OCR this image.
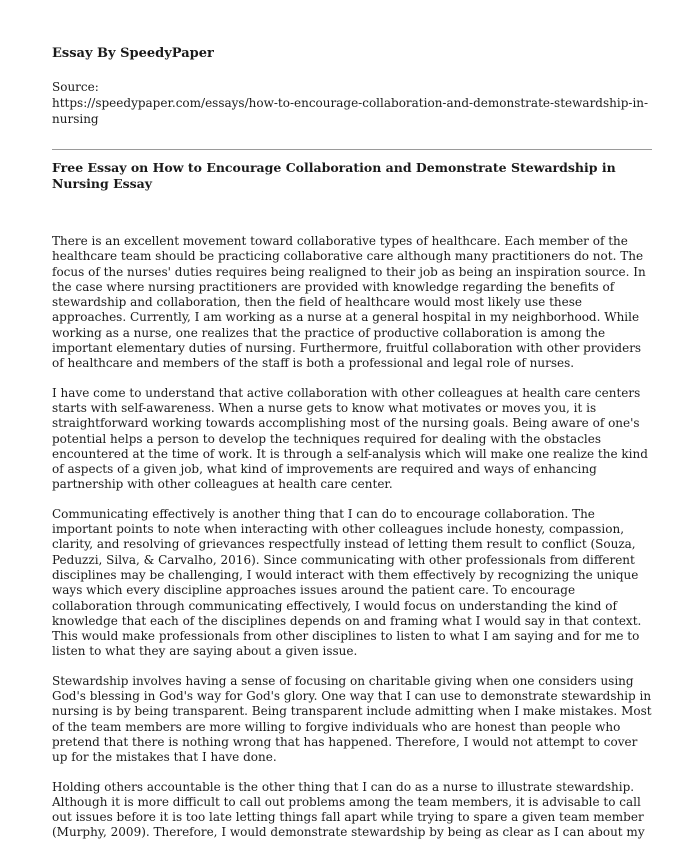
Essay By SpeedyPaper
Source:
https://speedypaper.com/essays/how-to-encourage-collaboration-and-demonstrate-stewardship-in-nursing
Free Essay on How to Encourage Collaboration and Demonstrate Stewardship in Nursing Essay

There is an excellent movement toward collaborative types of healthcare. Each member of the healthcare team should be practicing collaborative care although many practitioners do not. The focus of the nurses' duties requires being realigned to their job as being an inspiration source. In the case where nursing practitioners are provided with knowledge regarding the benefits of stewardship and collaboration, then the field of healthcare would most likely use these approaches. Currently, I am working as a nurse at a general hospital in my neighborhood. While working as a nurse, one realizes that the practice of productive collaboration is among the important elementary duties of nursing. Furthermore, fruitful collaboration with other providers of healthcare and members of the staff is both a professional and legal role of nurses.

I have come to understand that active collaboration with other colleagues at health care centers starts with self-awareness. When a nurse gets to know what motivates or moves you, it is straightforward working towards accomplishing most of the nursing goals. Being aware of one's potential helps a person to develop the techniques required for dealing with the obstacles encountered at the time of work. It is through a self-analysis which will make one realize the kind of aspects of a given job, what kind of improvements are required and ways of enhancing partnership with other colleagues at health care center.

Communicating effectively is another thing that I can do to encourage collaboration. The important points to note when interacting with other colleagues include honesty, compassion, clarity, and resolving of grievances respectfully instead of letting them result to conflict (Souza, Peduzzi, Silva, & Carvalho, 2016). Since communicating with other professionals from different disciplines may be challenging, I would interact with them effectively by recognizing the unique ways which every discipline approaches issues around the patient care. To encourage collaboration through communicating effectively, I would focus on understanding the kind of knowledge that each of the disciplines depends on and framing what I would say in that context. This would make professionals from other disciplines to listen to what I am saying and for me to listen to what they are saying about a given issue.

Stewardship involves having a sense of focusing on charitable giving when one considers using God's blessing in God's way for God's glory. One way that I can use to demonstrate stewardship in nursing is by being transparent. Being transparent include admitting when I make mistakes. Most of the team members are more willing to forgive individuals who are honest than people who pretend that there is nothing wrong that has happened. Therefore, I would not attempt to cover up for the mistakes that I have done.

Holding others accountable is the other thing that I can do as a nurse to illustrate stewardship. Although it is more difficult to call out problems among the team members, it is advisable to call out issues before it is too late letting things fall apart while trying to spare a given team member (Murphy, 2009). Therefore, I would demonstrate stewardship by being as clear as I can about my
